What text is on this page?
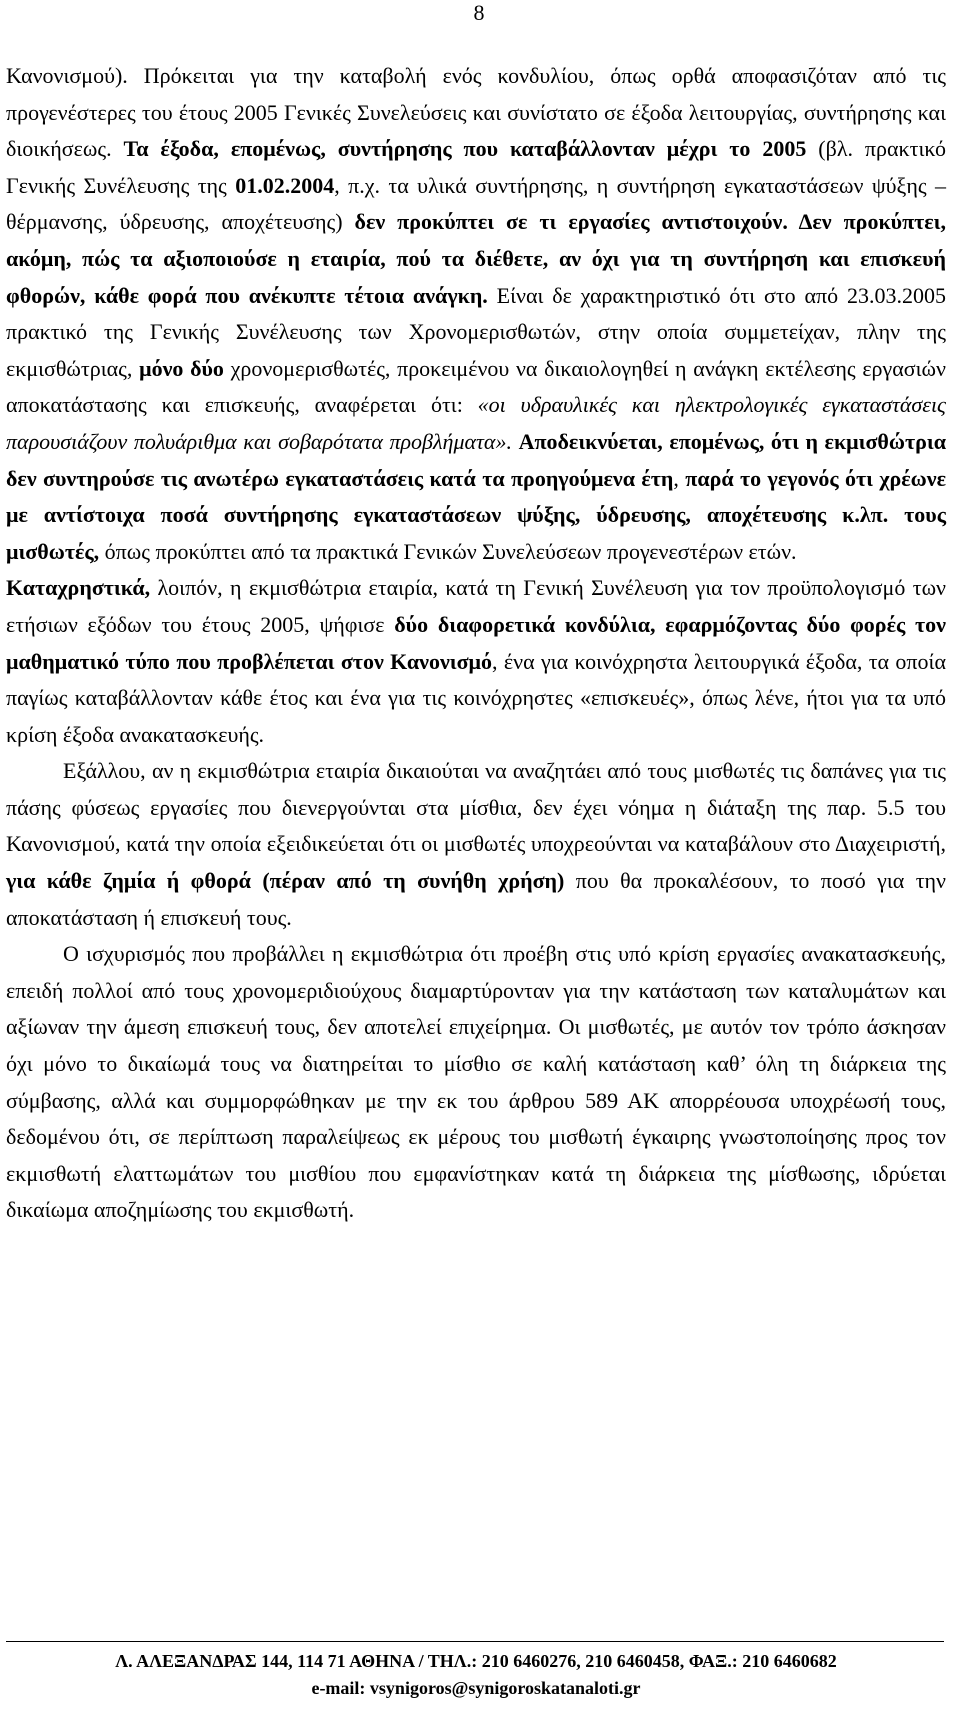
8

Κανονισμού). Πρόκειται για την καταβολή ενός κονδυλίου, όπως ορθά αποφασιζόταν από τις προγενέστερες του έτους 2005 Γενικές Συνελεύσεις και συνίστατο σε έξοδα λειτουργίας, συντήρησης και διοικήσεως. Τα έξοδα, επομένως, συντήρησης που καταβάλλονταν μέχρι το 2005 (βλ. πρακτικό Γενικής Συνέλευσης της 01.02.2004, π.χ. τα υλικά συντήρησης, η συντήρηση εγκαταστάσεων ψύξης – θέρμανσης, ύδρευσης, αποχέτευσης) δεν προκύπτει σε τι εργασίες αντιστοιχούν. Δεν προκύπτει, ακόμη, πώς τα αξιοποιούσε η εταιρία, πού τα διέθετε, αν όχι για τη συντήρηση και επισκευή φθορών, κάθε φορά που ανέκυπτε τέτοια ανάγκη. Είναι δε χαρακτηριστικό ότι στο από 23.03.2005 πρακτικό της Γενικής Συνέλευσης των Χρονομερισθωτών, στην οποία συμμετείχαν, πλην της εκμισθώτριας, μόνο δύο χρονομερισθωτές, προκειμένου να δικαιολογηθεί η ανάγκη εκτέλεσης εργασιών αποκατάστασης και επισκευής, αναφέρεται ότι: «οι υδραυλικές και ηλεκτρολογικές εγκαταστάσεις παρουσιάζουν πολυάριθμα και σοβαρότατα προβλήματα». Αποδεικνύεται, επομένως, ότι η εκμισθώτρια δεν συντηρούσε τις ανωτέρω εγκαταστάσεις κατά τα προηγούμενα έτη, παρά το γεγονός ότι χρέωνε με αντίστοιχα ποσά συντήρησης εγκαταστάσεων ψύξης, ύδρευσης, αποχέτευσης κ.λπ. τους μισθωτές, όπως προκύπτει από τα πρακτικά Γενικών Συνελεύσεων προγενεστέρων ετών.

Καταχρηστικά, λοιπόν, η εκμισθώτρια εταιρία, κατά τη Γενική Συνέλευση για τον προϋπολογισμό των ετήσιων εξόδων του έτους 2005, ψήφισε δύο διαφορετικά κονδύλια, εφαρμόζοντας δύο φορές τον μαθηματικό τύπο που προβλέπεται στον Κανονισμό, ένα για κοινόχρηστα λειτουργικά έξοδα, τα οποία παγίως καταβάλλονταν κάθε έτος και ένα για τις κοινόχρηστες «επισκευές», όπως λένε, ήτοι για τα υπό κρίση έξοδα ανακατασκευής.

Εξάλλου, αν η εκμισθώτρια εταιρία δικαιούται να αναζητάει από τους μισθωτές τις δαπάνες για τις πάσης φύσεως εργασίες που διενεργούνται στα μίσθια, δεν έχει νόημα η διάταξη της παρ. 5.5 του Κανονισμού, κατά την οποία εξειδικεύεται ότι οι μισθωτές υποχρεούνται να καταβάλουν στο Διαχειριστή, για κάθε ζημία ή φθορά (πέραν από τη συνήθη χρήση) που θα προκαλέσουν, το ποσό για την αποκατάσταση ή επισκευή τους.

Ο ισχυρισμός που προβάλλει η εκμισθώτρια ότι προέβη στις υπό κρίση εργασίες ανακατασκευής, επειδή πολλοί από τους χρονομεριδιούχους διαμαρτύρονταν για την κατάσταση των καταλυμάτων και αξίωναν την άμεση επισκευή τους, δεν αποτελεί επιχείρημα. Οι μισθωτές, με αυτόν τον τρόπο άσκησαν όχι μόνο το δικαίωμά τους να διατηρείται το μίσθιο σε καλή κατάσταση καθ’ όλη τη διάρκεια της σύμβασης, αλλά και συμμορφώθηκαν με την εκ του άρθρου 589 ΑΚ απορρέουσα υποχρέωσή τους, δεδομένου ότι, σε περίπτωση παραλείψεως εκ μέρους του μισθωτή έγκαιρης γνωστοποίησης προς τον εκμισθωτή ελαττωμάτων του μισθίου που εμφανίστηκαν κατά τη διάρκεια της μίσθωσης, ιδρύεται δικαίωμα αποζημίωσης του εκμισθωτή.

Λ. ΑΛΕΞΑΝΔΡΑΣ 144, 114 71 ΑΘΗΝΑ / ΤΗΛ.: 210 6460276, 210 6460458, ΦΑΞ.: 210 6460682
e-mail: vsynigoros@synigoroskatanaloti.gr
